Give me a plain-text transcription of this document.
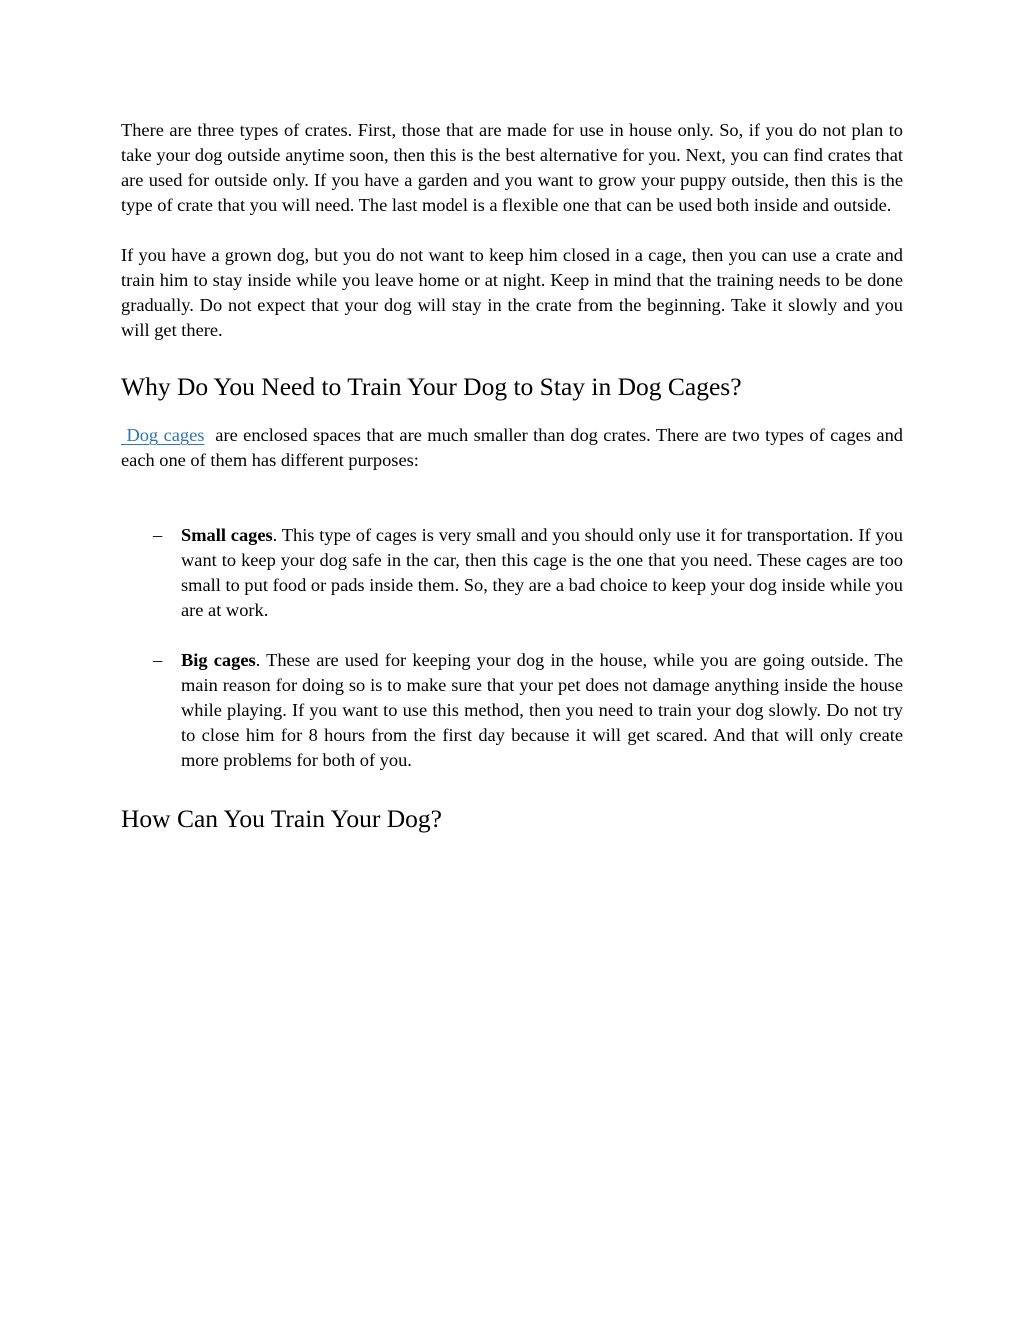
There are three types of crates. First, those that are made for use in house only. So, if you do not plan to take your dog outside anytime soon, then this is the best alternative for you. Next, you can find crates that are used for outside only. If you have a garden and you want to grow your puppy outside, then this is the type of crate that you will need. The last model is a flexible one that can be used both inside and outside.

If you have a grown dog, but you do not want to keep him closed in a cage, then you can use a crate and train him to stay inside while you leave home or at night. Keep in mind that the training needs to be done gradually. Do not expect that your dog will stay in the crate from the beginning. Take it slowly and you will get there.

Why Do You Need to Train Your Dog to Stay in Dog Cages?

Dog cages are enclosed spaces that are much smaller than dog crates. There are two types of cages and each one of them has different purposes:

– Small cages. This type of cages is very small and you should only use it for transportation. If you want to keep your dog safe in the car, then this cage is the one that you need. These cages are too small to put food or pads inside them. So, they are a bad choice to keep your dog inside while you are at work.

– Big cages. These are used for keeping your dog in the house, while you are going outside. The main reason for doing so is to make sure that your pet does not damage anything inside the house while playing. If you want to use this method, then you need to train your dog slowly. Do not try to close him for 8 hours from the first day because it will get scared. And that will only create more problems for both of you.

How Can You Train Your Dog?
